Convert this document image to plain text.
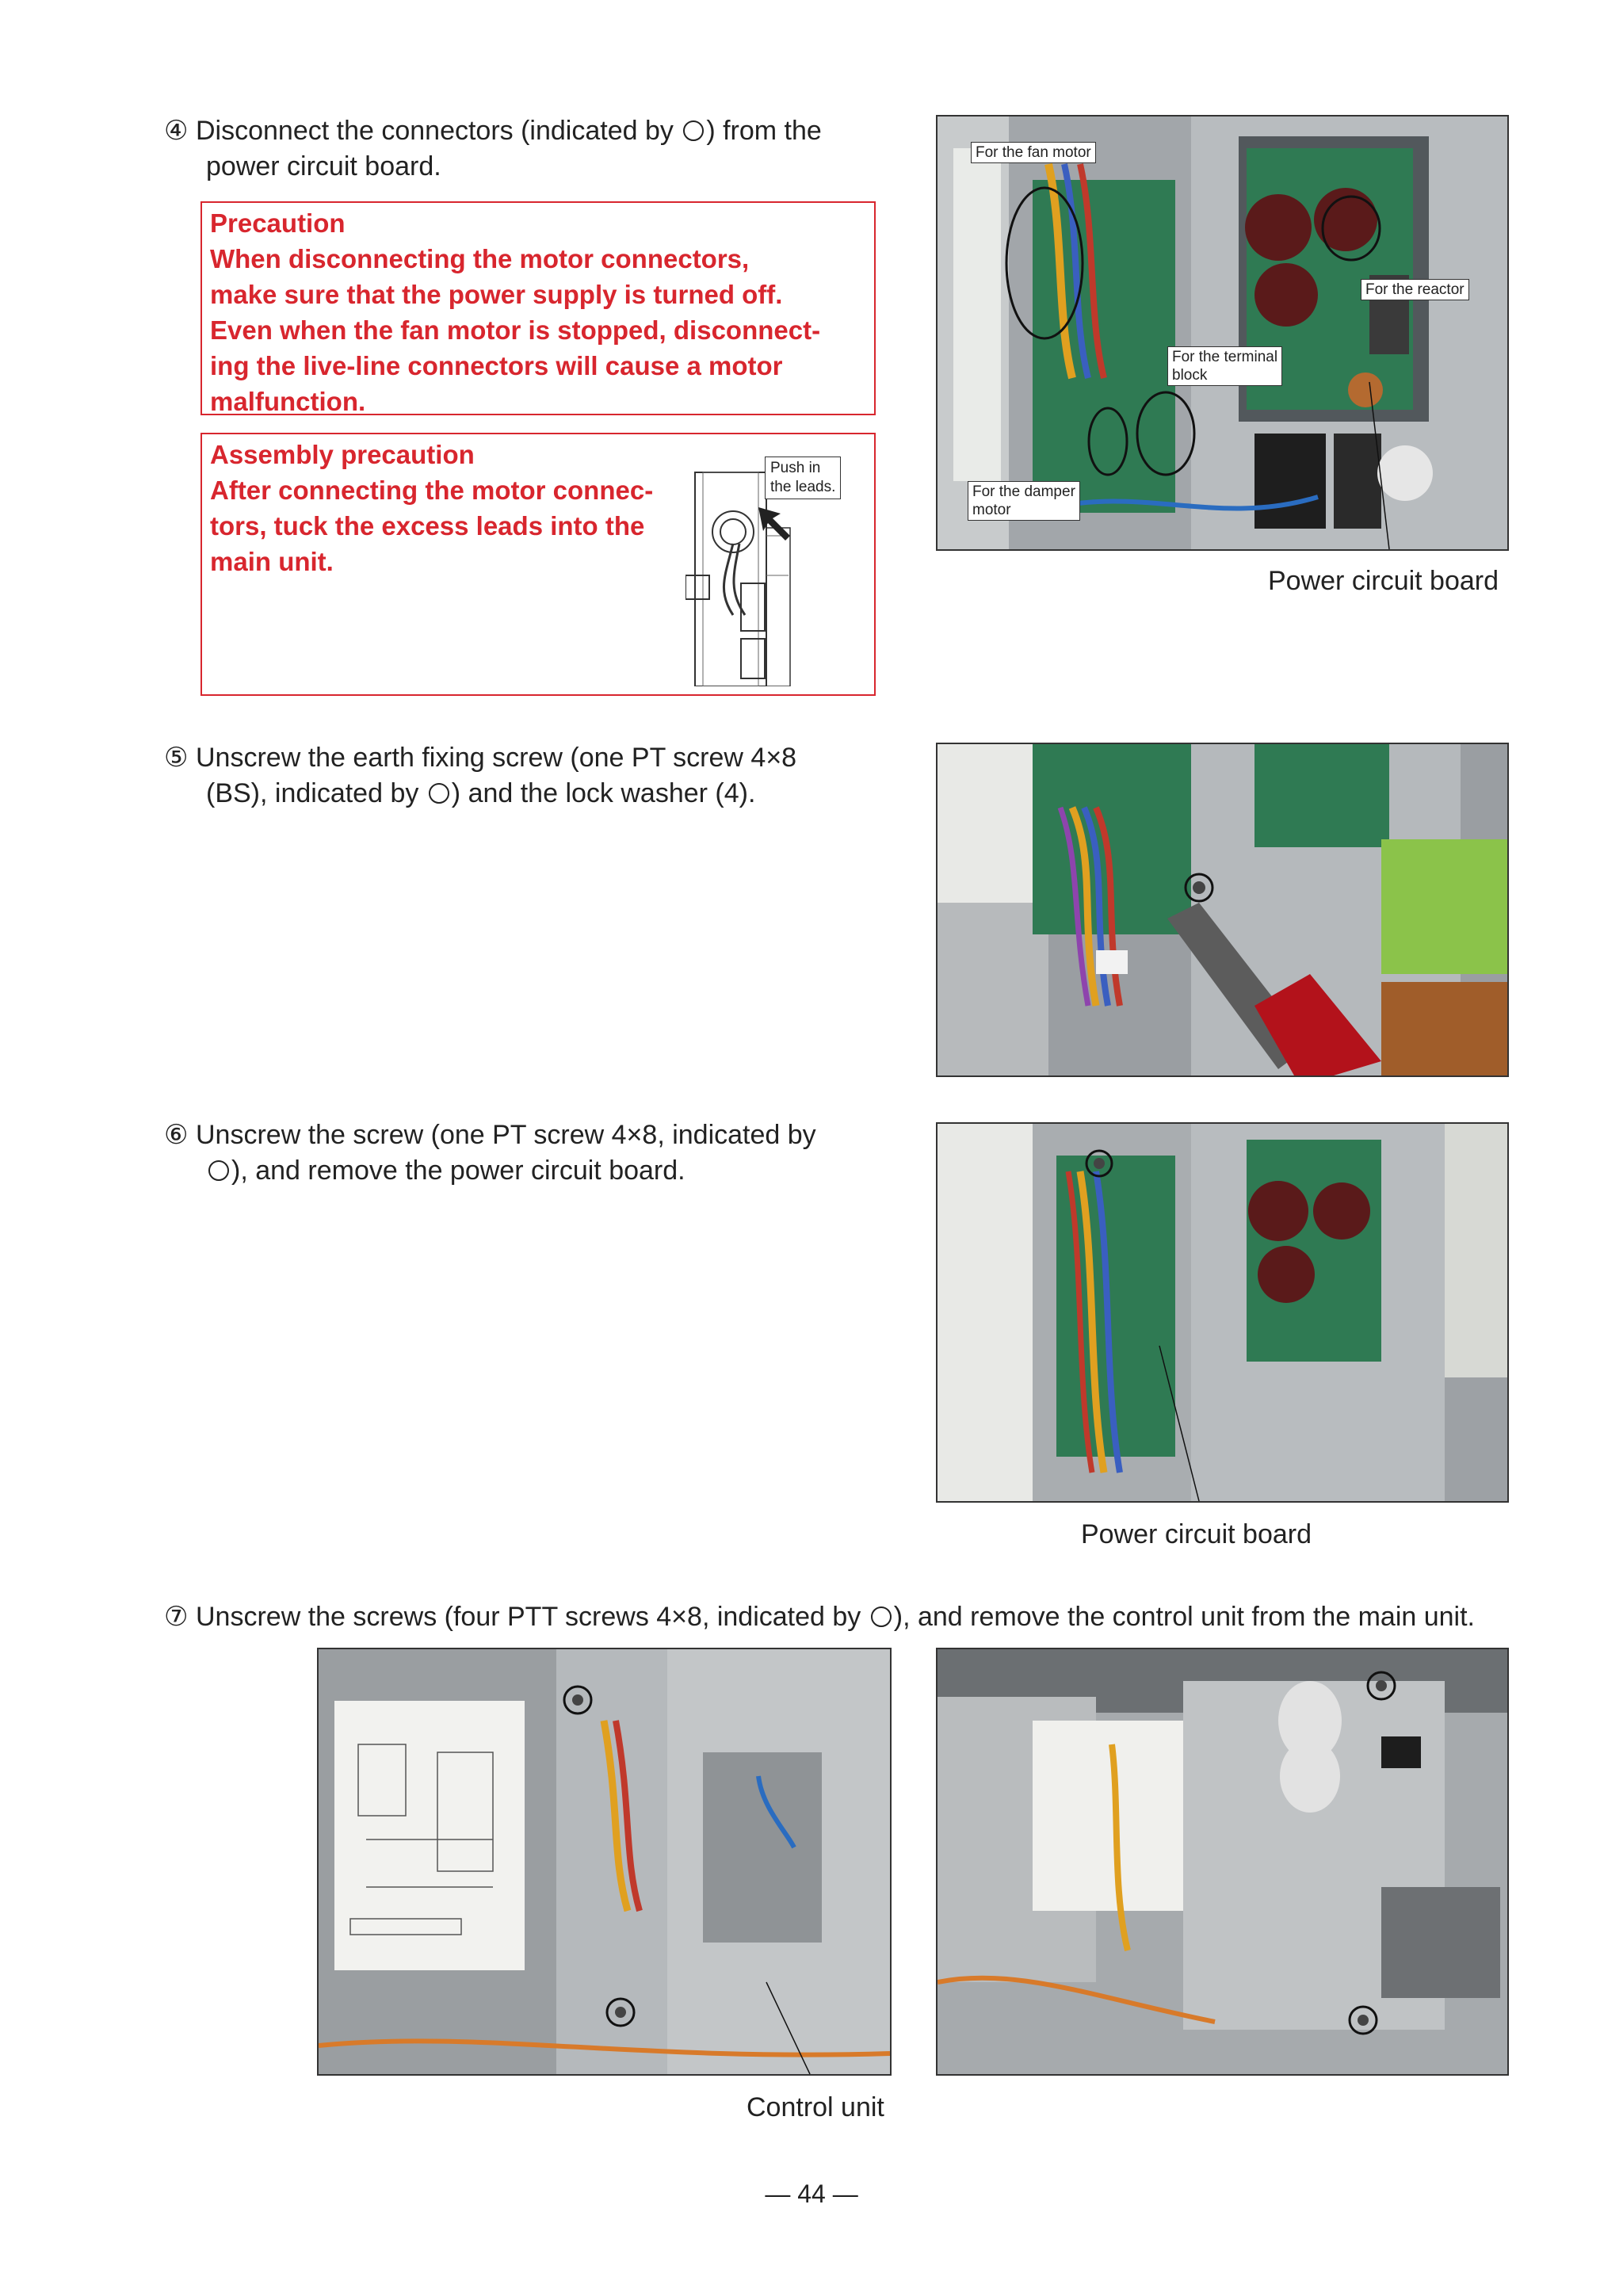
④ Disconnect the connectors (indicated by ) from the
power circuit board.
Precaution
When disconnecting the motor connectors,
make sure that the power supply is turned off.
Even when the fan motor is stopped, disconnect-
ing the live-line connectors will cause a motor
malfunction.
Assembly precaution
After connecting the motor connec-
tors, tuck the excess leads into the
main unit.
Push in
the leads.
For the fan motor
For the reactor
For the terminal
block
For the damper
motor
Power circuit board
⑤ Unscrew the earth fixing screw (one PT screw 4×8
(BS), indicated by ) and the lock washer (4).
⑥ Unscrew the screw (one PT screw 4×8, indicated by
), and remove the power circuit board.
Power circuit board
⑦ Unscrew the screws (four PTT screws 4×8, indicated by ), and remove the control unit from the main unit.
Control unit
— 44 —
